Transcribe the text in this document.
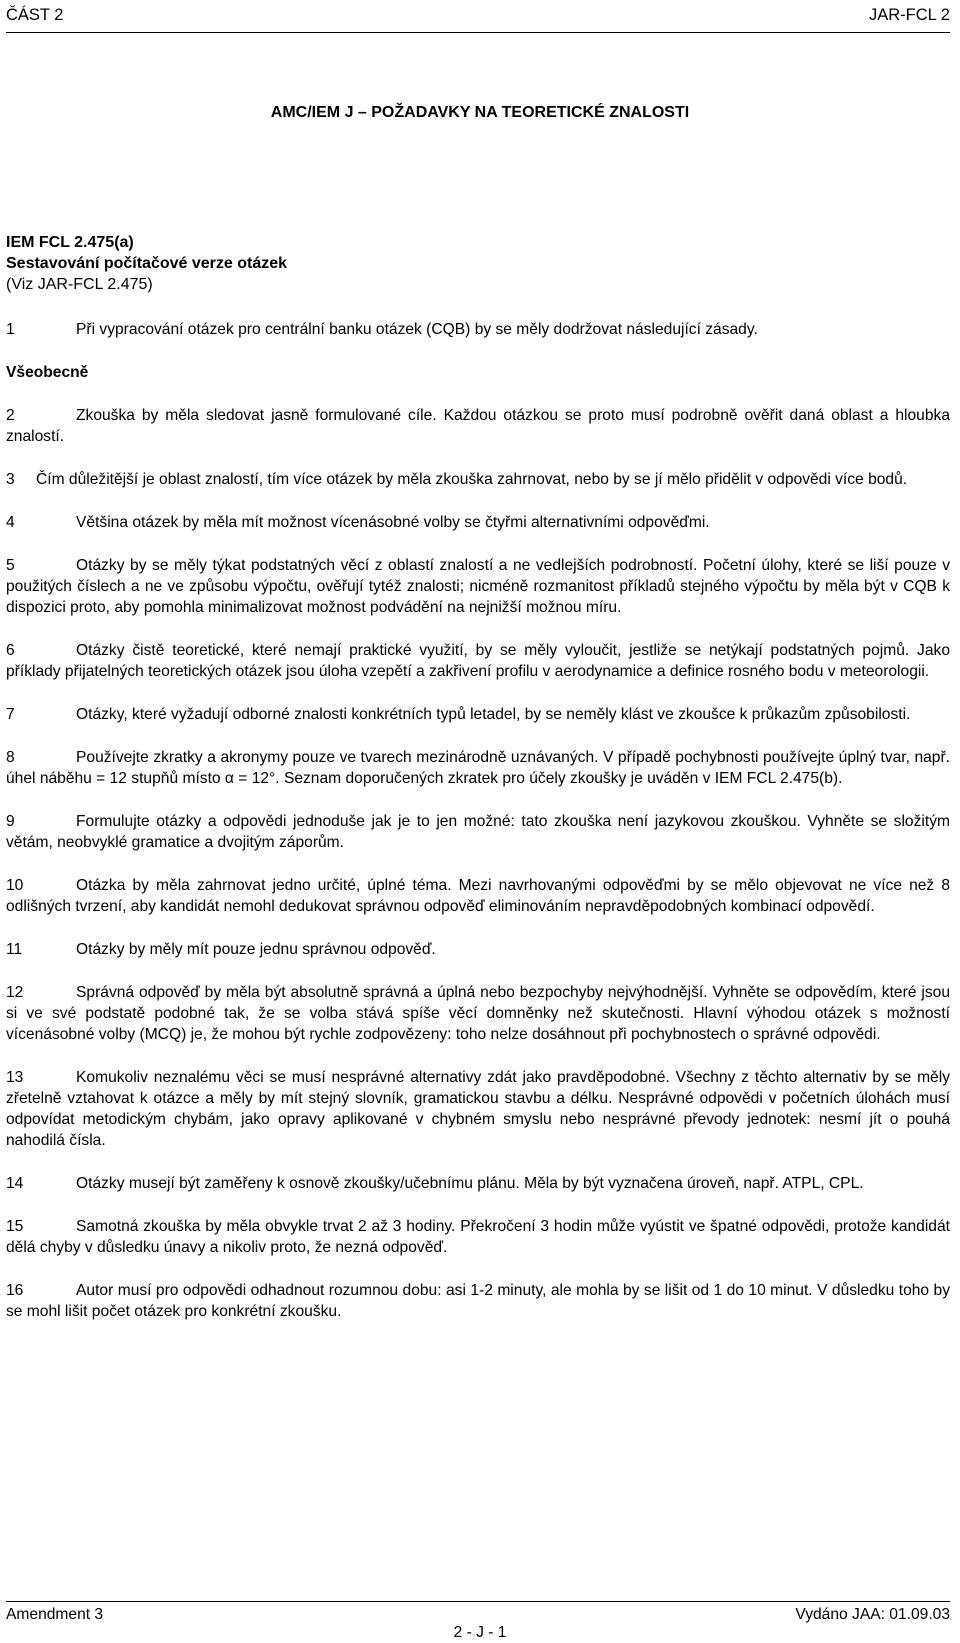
ČÁST 2	JAR-FCL 2
AMC/IEM J – POŽADAVKY NA TEORETICKÉ ZNALOSTI
IEM FCL 2.475(a)
Sestavování počítačové verze otázek
(Viz JAR-FCL 2.475)

1	Při vypracování otázek pro centrální banku otázek (CQB) by se měly dodržovat následující zásady.

Všeobecně

2	Zkouška by měla sledovat jasně formulované cíle. Každou otázkou se proto musí podrobně ověřit daná oblast a hloubka znalostí.

3 Čím důležitější je oblast znalostí, tím více otázek by měla zkouška zahrnovat, nebo by se jí mělo přidělit v odpovědi více bodů.

4	Většina otázek by měla mít možnost vícenásobné volby se čtyřmi alternativními odpověďmi.

5	Otázky by se měly týkat podstatných věcí z oblastí znalostí a ne vedlejších podrobností. Početní úlohy, které se liší pouze v použitých číslech a ne ve způsobu výpočtu, ověřují tytéž znalosti; nicméně rozmanitost příkladů stejného výpočtu by měla být v CQB k dispozici proto, aby pomohla minimalizovat možnost podvádění na nejnižší možnou míru.

6	Otázky čistě teoretické, které nemají praktické využití, by se měly vyloučit, jestliže se netýkají podstatných pojmů. Jako příklady přijatelných teoretických otázek jsou úloha vzepětí a zakřivení profilu v aerodynamice a definice rosného bodu v meteorologii.

7	Otázky, které vyžadují odborné znalosti konkrétních typů letadel, by se neměly klást ve zkoušce k průkazům způsobilosti.

8	Používejte zkratky a akronymy pouze ve tvarech mezinárodně uznávaných. V případě pochybnosti používejte úplný tvar, např. úhel náběhu = 12 stupňů místo α = 12°. Seznam doporučených zkratek pro účely zkoušky je uváděn v IEM FCL 2.475(b).

9	Formulujte otázky a odpovědi jednoduše jak je to jen možné: tato zkouška není jazykovou zkouškou. Vyhněte se složitým větám, neobvyklé gramatice a dvojitým záporům.

10	Otázka by měla zahrnovat jedno určité, úplné téma. Mezi navrhovanými odpověďmi by se mělo objevovat ne více než 8 odlišných tvrzení, aby kandidát nemohl dedukovat správnou odpověď eliminováním nepravděpodobných kombinací odpovědí.

11	Otázky by měly mít pouze jednu správnou odpověď.

12	Správná odpověď by měla být absolutně správná a úplná nebo bezpochyby nejvýhodnější. Vyhněte se odpovědím, které jsou si ve své podstatě podobné tak, že se volba stává spíše věcí domněnky než skutečnosti. Hlavní výhodou otázek s možností vícenásobné volby (MCQ) je, že mohou být rychle zodpovězeny: toho nelze dosáhnout při pochybnostech o správné odpovědi.

13	Komukoliv neznalému věci se musí nesprávné alternativy zdát jako pravděpodobné. Všechny z těchto alternativ by se měly zřetelně vztahovat k otázce a měly by mít stejný slovník, gramatickou stavbu a délku. Nesprávné odpovědi v početních úlohách musí odpovídat metodickým chybám, jako opravy aplikované v chybném smyslu nebo nesprávné převody jednotek: nesmí jít o pouhá nahodilá čísla.

14	Otázky musejí být zaměřeny k osnově zkoušky/učebnímu plánu. Měla by být vyznačena úroveň, např. ATPL, CPL.

15	Samotná zkouška by měla obvykle trvat 2 až 3 hodiny. Překročení 3 hodin může vyústit ve špatné odpovědi, protože kandidát dělá chyby v důsledku únavy a nikoliv proto, že nezná odpověď.

16	Autor musí pro odpovědi odhadnout rozumnou dobu: asi 1-2 minuty, ale mohla by se lišit od 1 do 10 minut. V důsledku toho by se mohl lišit počet otázek pro konkrétní zkoušku.

Amendment 3	Vydáno JAA: 01.09.03
2 - J - 1
